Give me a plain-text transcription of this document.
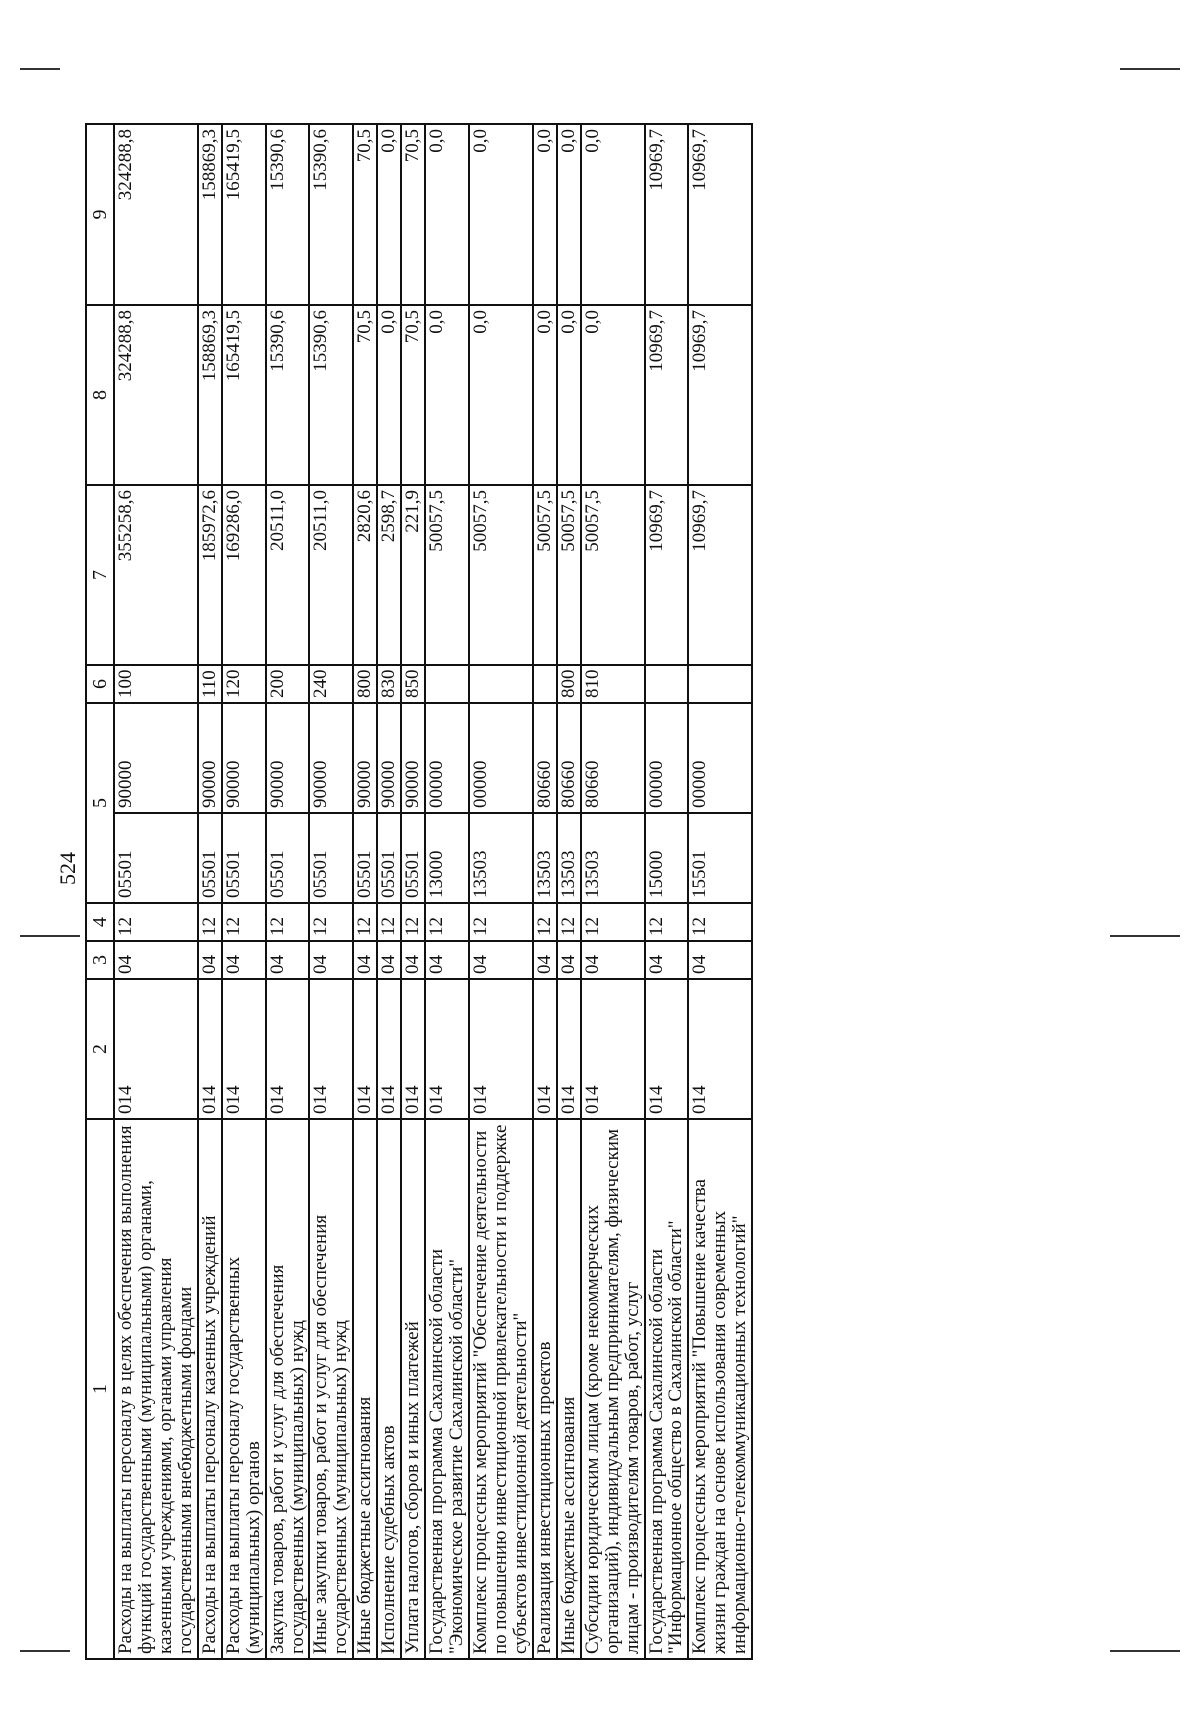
524
1	2	3	4	5		6	7	8	9
Расходы на выплаты персоналу в целях обеспечения выполнения функций государственными (муниципальными) органами, казенными учреждениями, органами управления государственными внебюджетными фондами	014	04	12	05501	90000	100	355258,6	324288,8	324288,8
Расходы на выплаты персоналу казенных учреждений	014	04	12	05501	90000	110	185972,6	158869,3	158869,3
Расходы на выплаты персоналу государственных (муниципальных) органов	014	04	12	05501	90000	120	169286,0	165419,5	165419,5
Закупка товаров, работ и услуг для обеспечения государственных (муниципальных) нужд	014	04	12	05501	90000	200	20511,0	15390,6	15390,6
Иные закупки товаров, работ и услуг для обеспечения государственных (муниципальных) нужд	014	04	12	05501	90000	240	20511,0	15390,6	15390,6
Иные бюджетные ассигнования	014	04	12	05501	90000	800	2820,6	70,5	70,5
Исполнение судебных актов	014	04	12	05501	90000	830	2598,7	0,0	0,0
Уплата налогов, сборов и иных платежей	014	04	12	05501	90000	850	221,9	70,5	70,5
Государственная программа Сахалинской области "Экономическое развитие Сахалинской области"	014	04	12	13000	00000		50057,5	0,0	0,0
Комплекс процессных мероприятий "Обеспечение деятельности по повышению инвестиционной привлекательности и поддержке субъектов инвестиционной деятельности"	014	04	12	13503	00000		50057,5	0,0	0,0
Реализация инвестиционных проектов	014	04	12	13503	80660		50057,5	0,0	0,0
Иные бюджетные ассигнования	014	04	12	13503	80660	800	50057,5	0,0	0,0
Субсидии юридическим лицам (кроме некоммерческих организаций), индивидуальным предпринимателям, физическим лицам - производителям товаров, работ, услуг	014	04	12	13503	80660	810	50057,5	0,0	0,0
Государственная программа Сахалинской области "Информационное общество в Сахалинской области"	014	04	12	15000	00000		10969,7	10969,7	10969,7
Комплекс процессных мероприятий "Повышение качества жизни граждан на основе использования современных информационно-телекоммуникационных технологий"	014	04	12	15501	00000		10969,7	10969,7	10969,7
